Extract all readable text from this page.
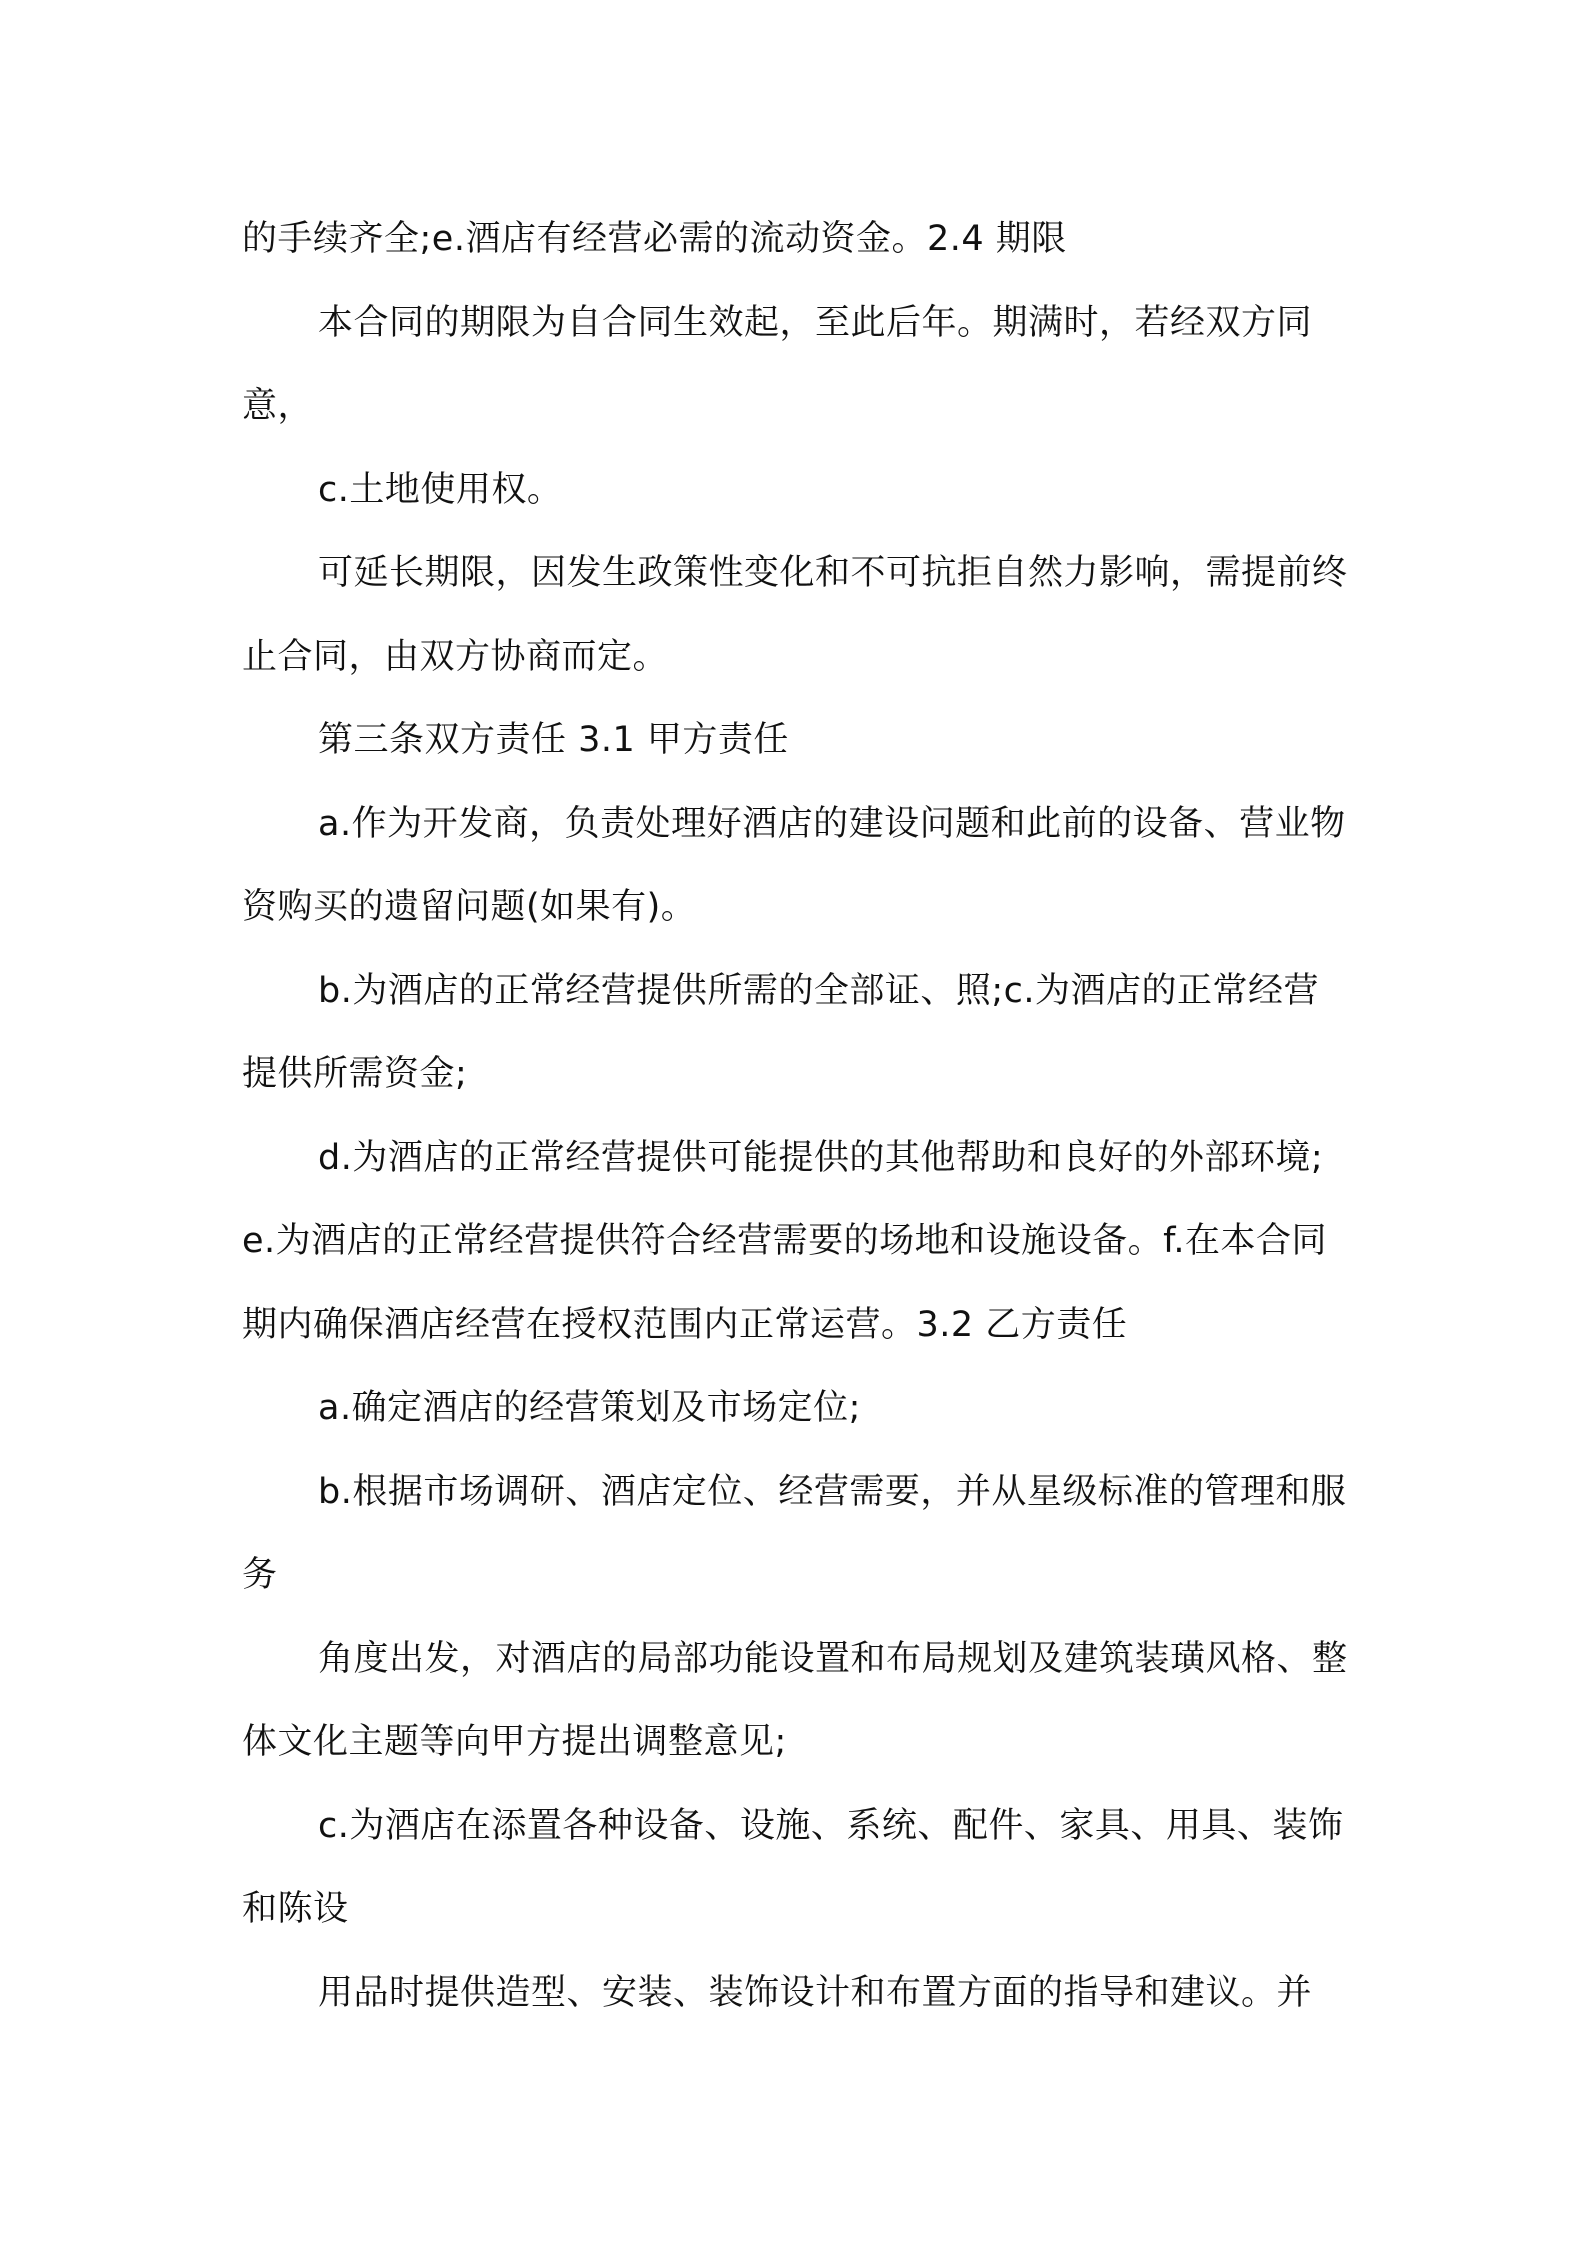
的手续齐全;e.酒店有经营必需的流动资金。2.4 期限

本合同的期限为自合同生效起，至此后年。期满时，若经双方同意，

c.土地使用权。

可延长期限，因发生政策性变化和不可抗拒自然力影响，需提前终止合同，由双方协商而定。

第三条双方责任 3.1 甲方责任

a.作为开发商，负责处理好酒店的建设问题和此前的设备、营业物资购买的遗留问题(如果有)。

b.为酒店的正常经营提供所需的全部证、照;c.为酒店的正常经营提供所需资金;

d.为酒店的正常经营提供可能提供的其他帮助和良好的外部环境;e.为酒店的正常经营提供符合经营需要的场地和设施设备。f.在本合同期内确保酒店经营在授权范围内正常运营。3.2 乙方责任

a.确定酒店的经营策划及市场定位;

b.根据市场调研、酒店定位、经营需要，并从星级标准的管理和服务

角度出发，对酒店的局部功能设置和布局规划及建筑装璜风格、整体文化主题等向甲方提出调整意见;

c.为酒店在添置各种设备、设施、系统、配件、家具、用具、装饰和陈设

用品时提供造型、安装、装饰设计和布置方面的指导和建议。并
